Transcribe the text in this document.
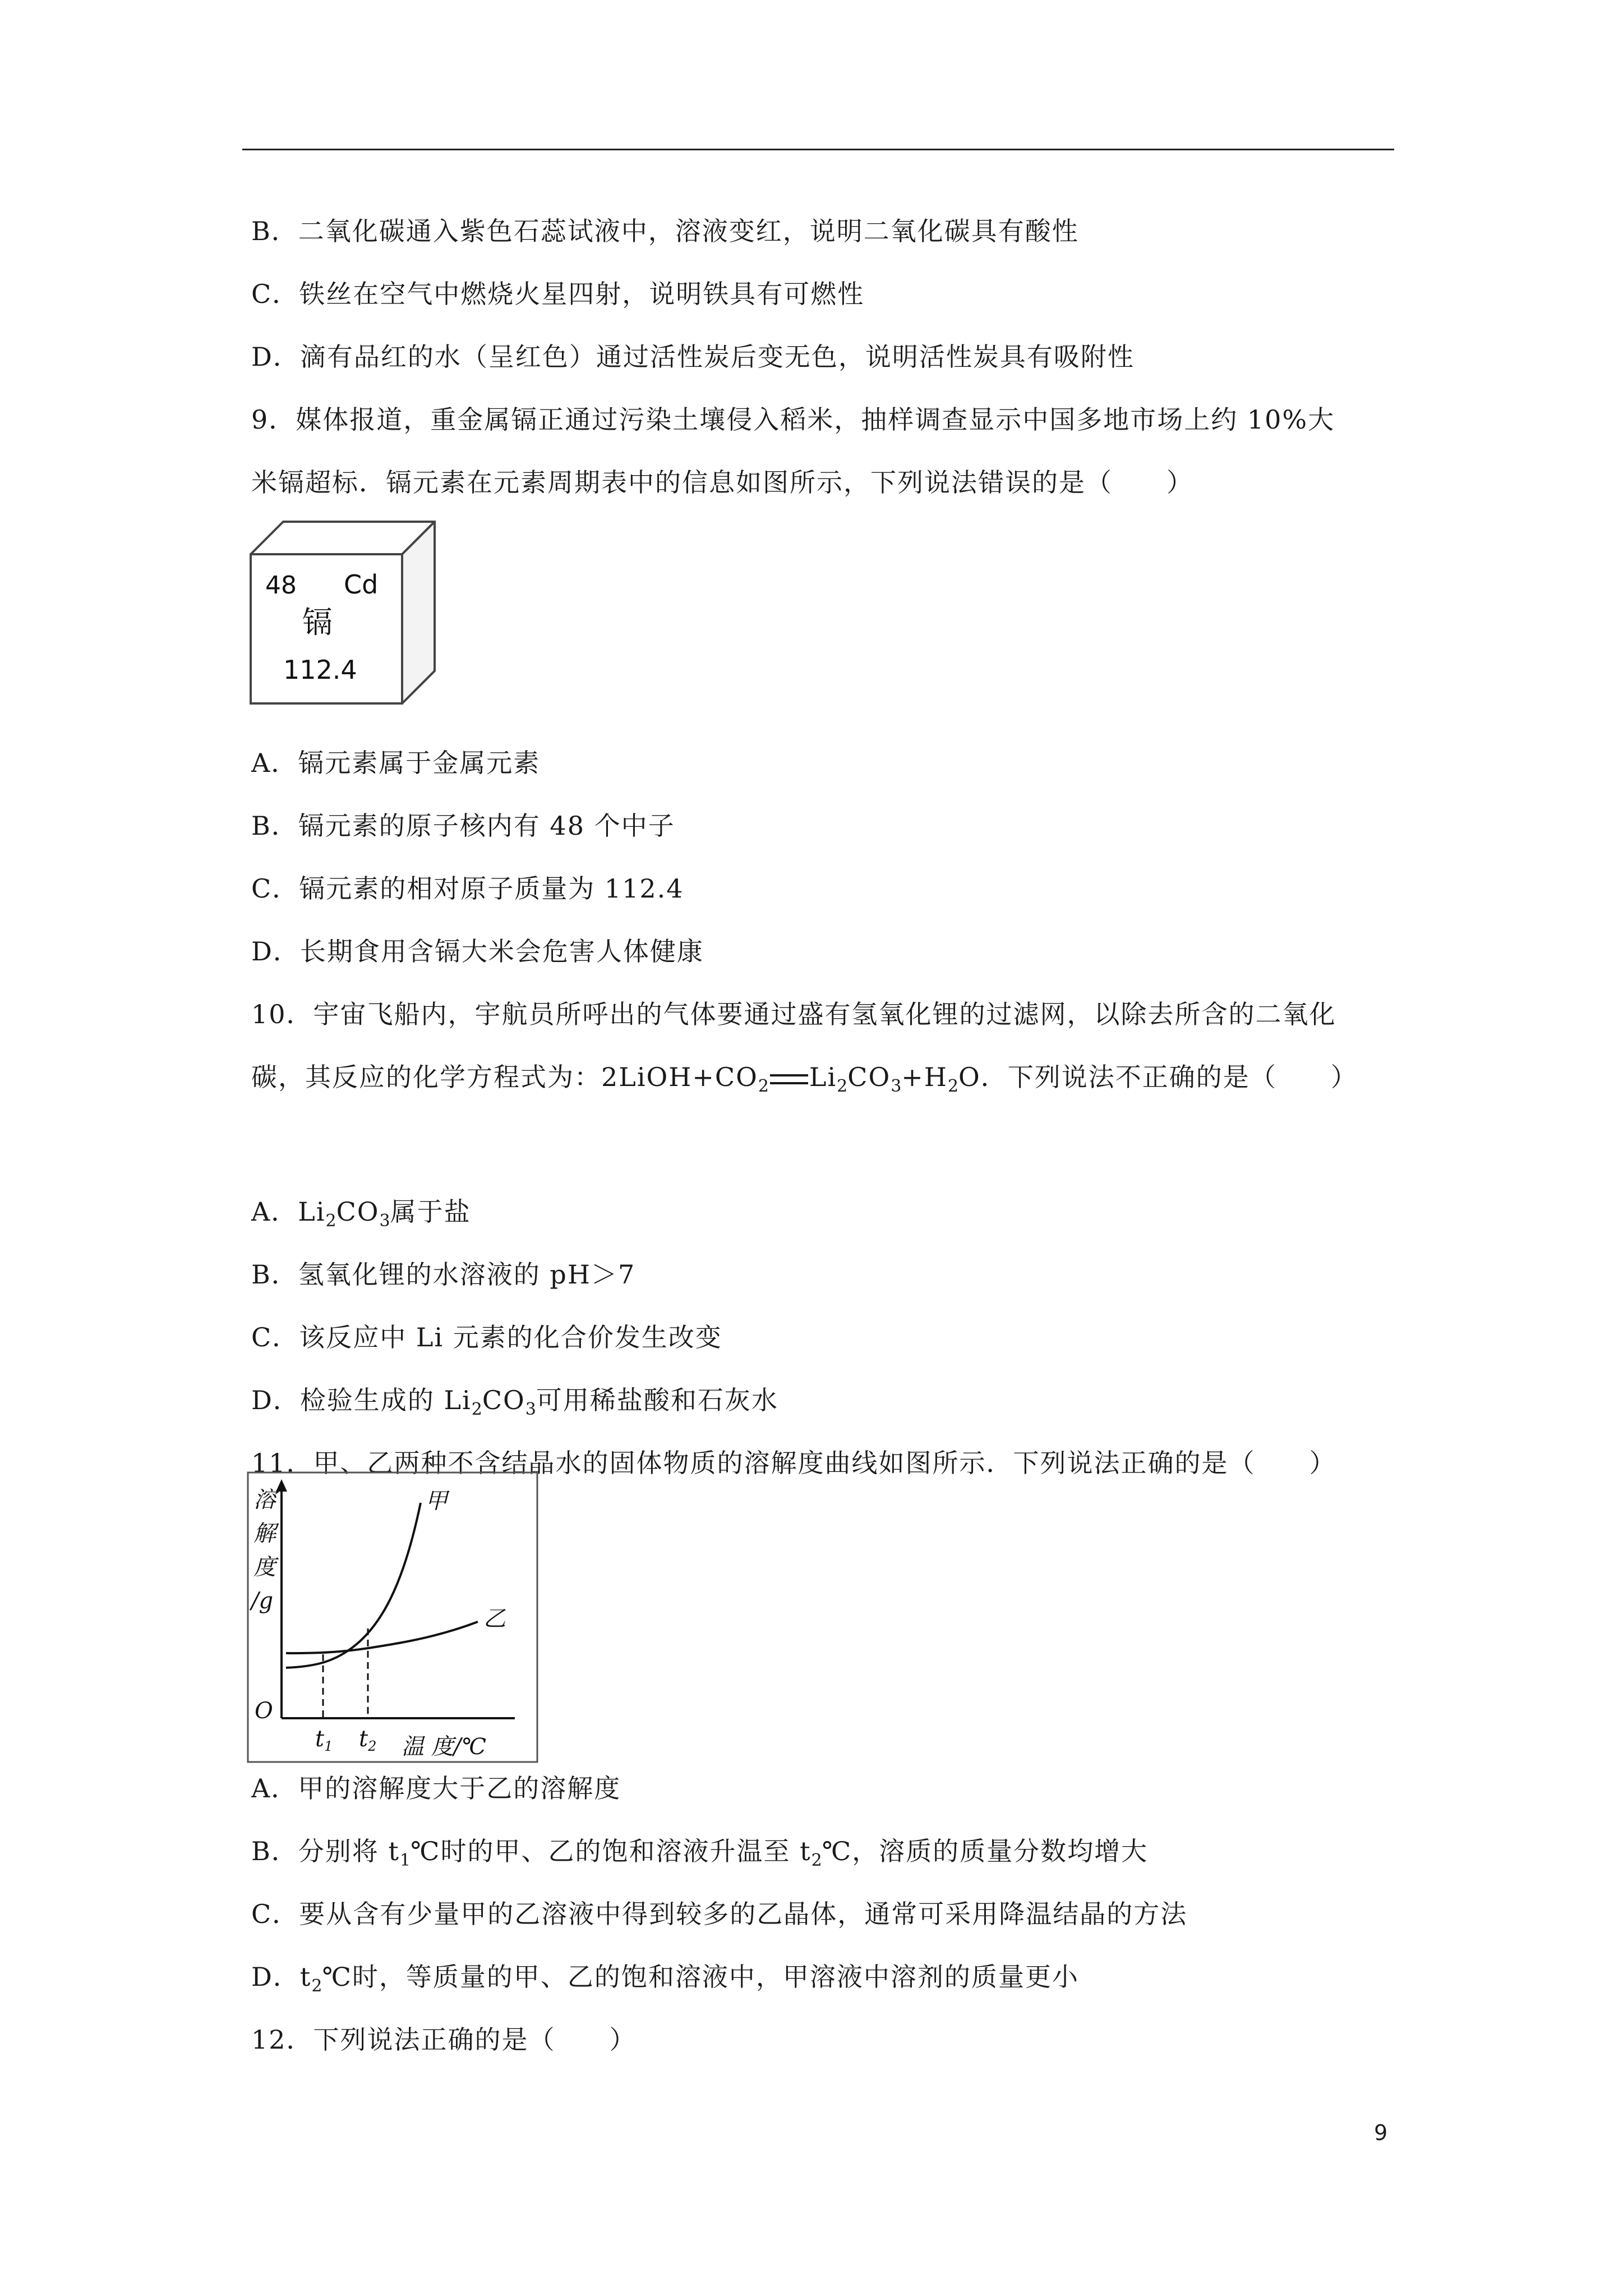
B．二氧化碳通入紫色石蕊试液中，溶液变红，说明二氧化碳具有酸性
C．铁丝在空气中燃烧火星四射，说明铁具有可燃性
D．滴有品红的水（呈红色）通过活性炭后变无色，说明活性炭具有吸附性
9．媒体报道，重金属镉正通过污染土壤侵入稻米，抽样调查显示中国多地市场上约 10%大
米镉超标．镉元素在元素周期表中的信息如图所示，下列说法错误的是（　　）
48 Cd
镉
112.4
A．镉元素属于金属元素
B．镉元素的原子核内有 48 个中子
C．镉元素的相对原子质量为 112.4
D．长期食用含镉大米会危害人体健康
10．宇宙飞船内，宇航员所呼出的气体要通过盛有氢氧化锂的过滤网，以除去所含的二氧化
碳，其反应的化学方程式为：$2LiOH+CO_2$ $Li_2CO_3+H_2O$．下列说法不正确的是（　　）
A．$Li_2CO_3$属于盐
B．氢氧化锂的水溶液的 pH＞7
C．该反应中 Li 元素的化合价发生改变
D．检验生成的 $Li_2CO_3$可用稀盐酸和石灰水
11．甲、乙两种不含结晶水的固体物质的溶解度曲线如图所示．下列说法正确的是（　　）
溶
解
度
/g
O
甲
乙
$t_1$ $t_2$ 温 度/℃
A．甲的溶解度大于乙的溶解度
B．分别将 $t_1℃$时的甲、乙的饱和溶液升温至 $t_2℃$，溶质的质量分数均增大
C．要从含有少量甲的乙溶液中得到较多的乙晶体，通常可采用降温结晶的方法
D．$t_2℃$时，等质量的甲、乙的饱和溶液中，甲溶液中溶剂的质量更小
12．下列说法正确的是（　　）
9
